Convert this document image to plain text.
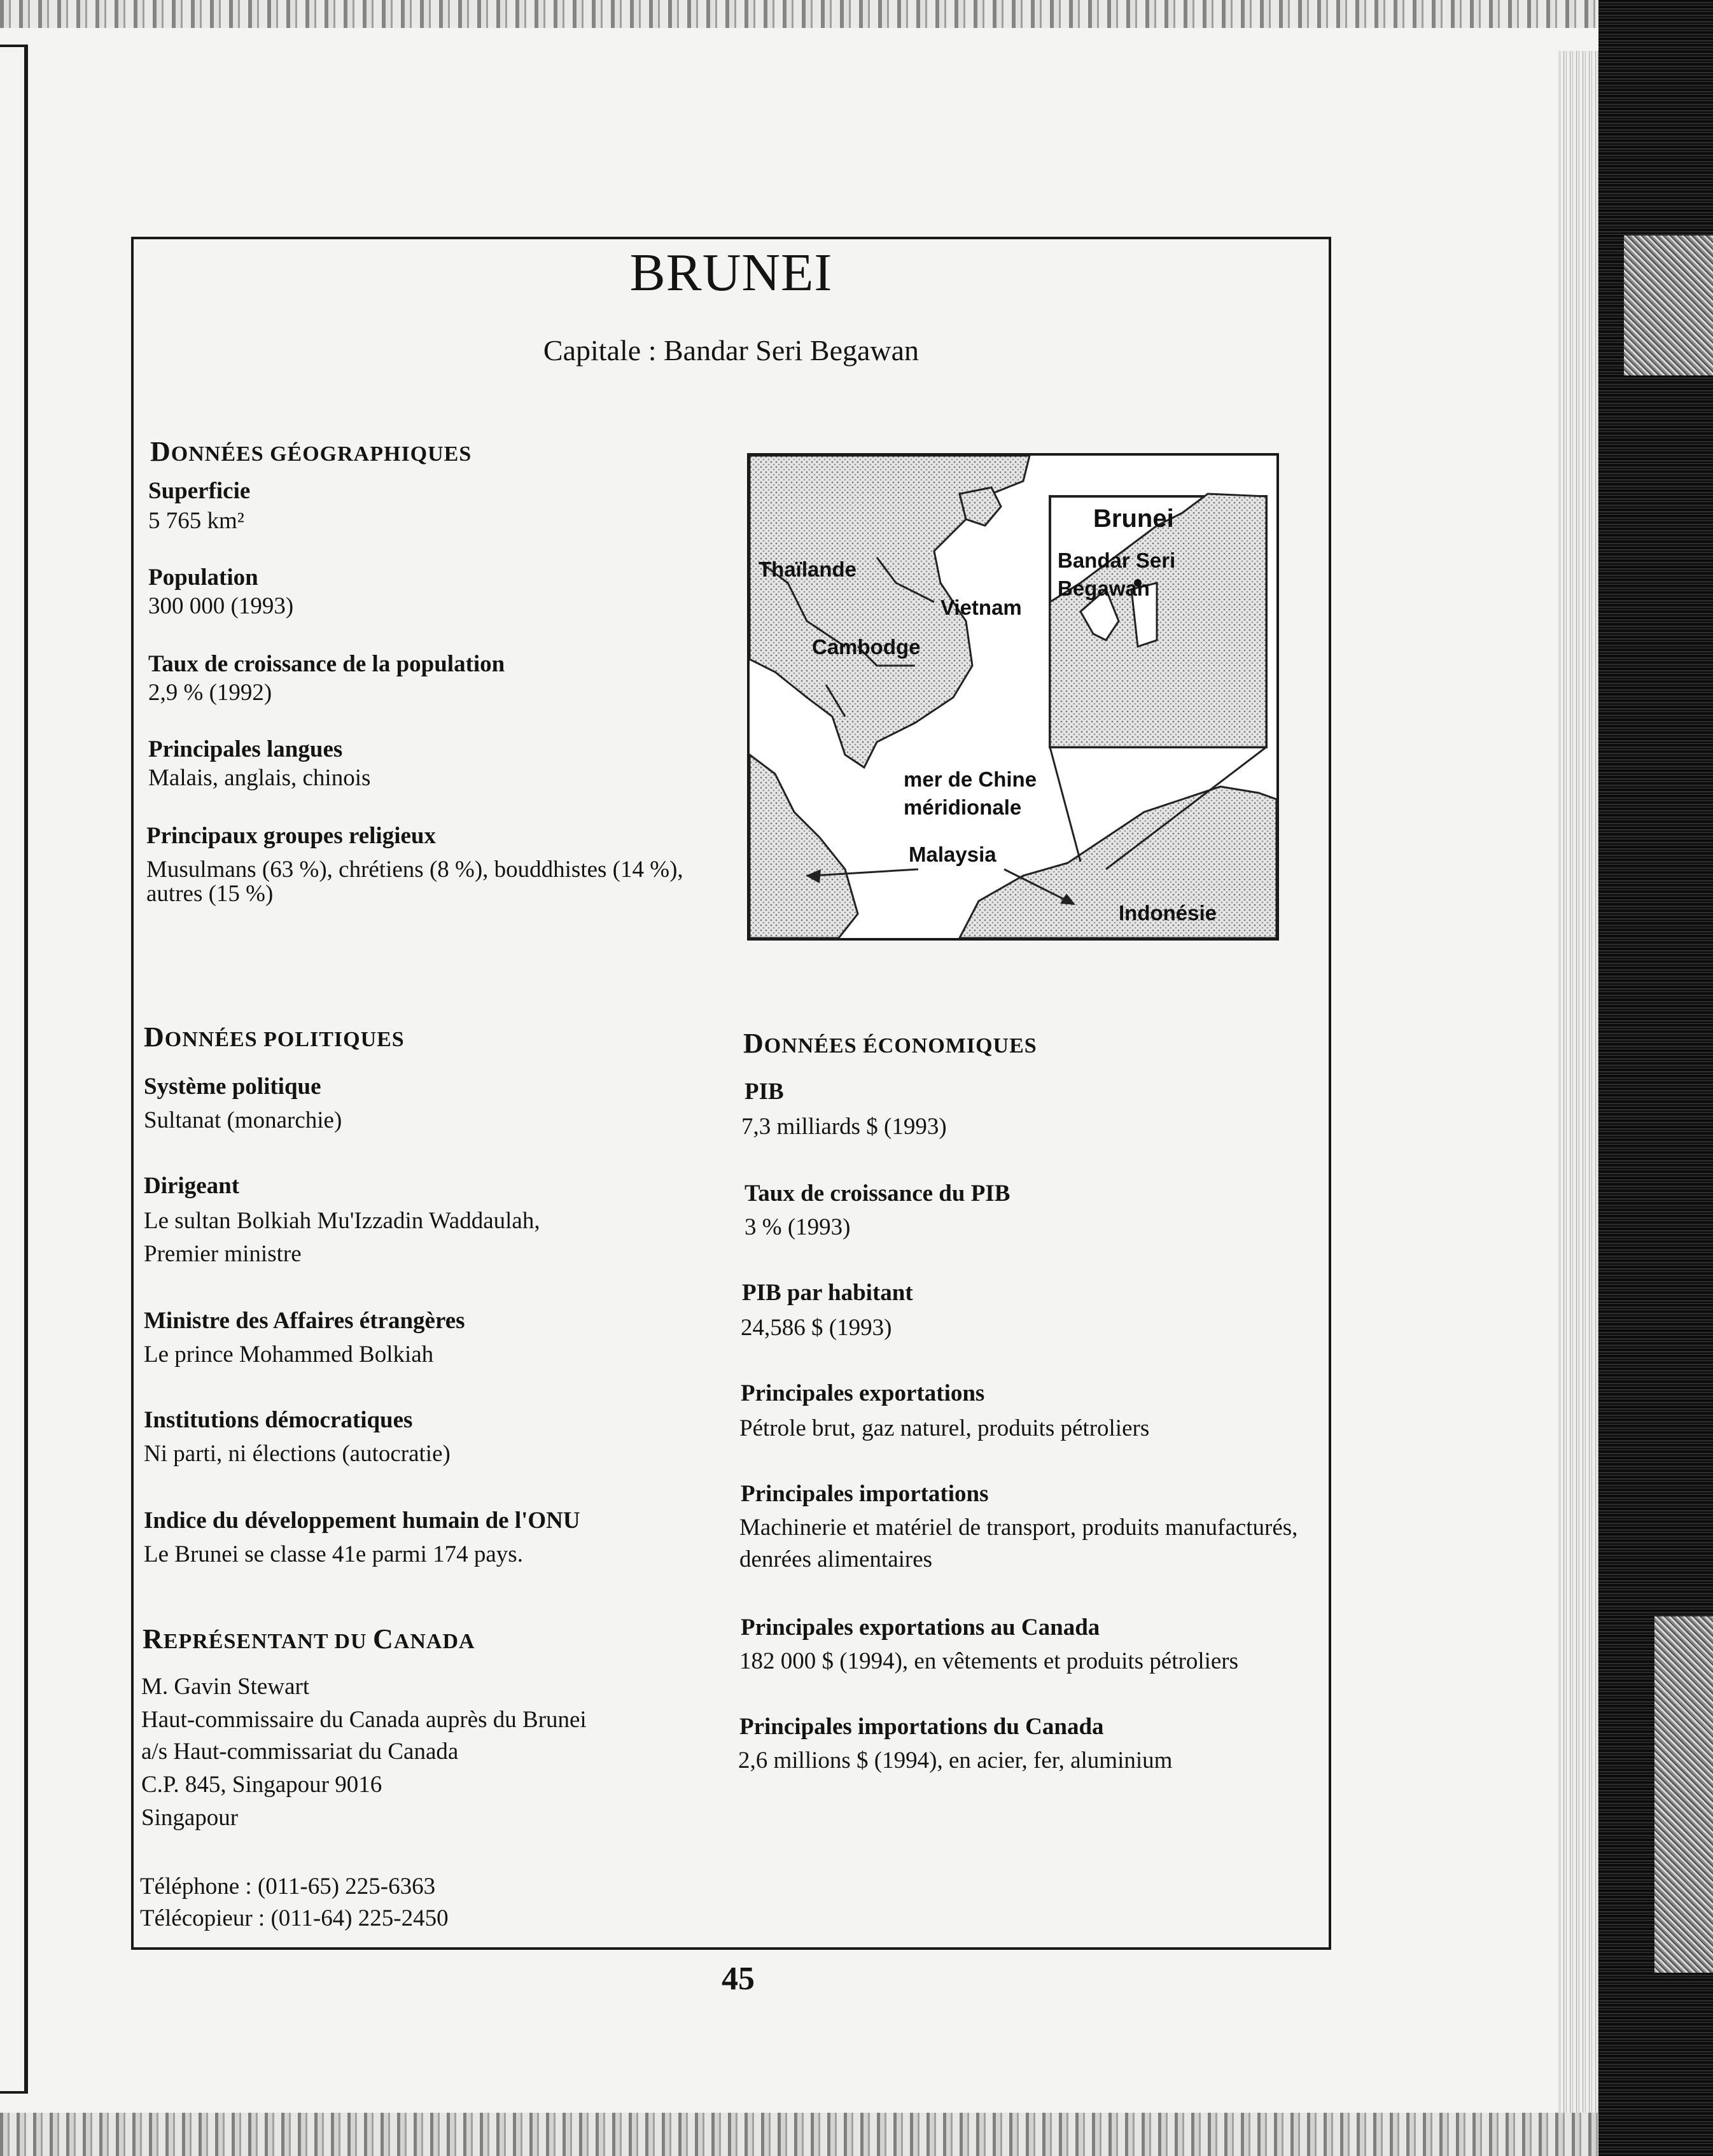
BRUNEI
Capitale : Bandar Seri Begawan
DONNÉES GÉOGRAPHIQUES
Superficie
5 765 km²
Population
300 000 (1993)
Taux de croissance de la population
2,9 % (1992)
Principales langues
Malais, anglais, chinois
Principaux groupes religieux
Musulmans (63 %), chrétiens (8 %), bouddhistes (14 %),
autres (15 %)
Thaïlande
Vietnam
Cambodge
mer de Chine
méridionale
Malaysia
Indonésie
Brunei
Bandar Seri
Begawan
DONNÉES POLITIQUES
Système politique
Sultanat (monarchie)
Dirigeant
Le sultan Bolkiah Mu'Izzadin Waddaulah,
Premier ministre
Ministre des Affaires étrangères
Le prince Mohammed Bolkiah
Institutions démocratiques
Ni parti, ni élections (autocratie)
Indice du développement humain de l'ONU
Le Brunei se classe 41e parmi 174 pays.
REPRÉSENTANT DU CANADA
M. Gavin Stewart
Haut-commissaire du Canada auprès du Brunei
a/s Haut-commissariat du Canada
C.P. 845, Singapour 9016
Singapour
Téléphone : (011-65) 225-6363
Télécopieur : (011-64) 225-2450
DONNÉES ÉCONOMIQUES
PIB
7,3 milliards $ (1993)
Taux de croissance du PIB
3 % (1993)
PIB par habitant
24,586 $ (1993)
Principales exportations
Pétrole brut, gaz naturel, produits pétroliers
Principales importations
Machinerie et matériel de transport, produits manufacturés,
denrées alimentaires
Principales exportations au Canada
182 000 $ (1994), en vêtements et produits pétroliers
Principales importations du Canada
2,6 millions $ (1994), en acier, fer, aluminium
45
